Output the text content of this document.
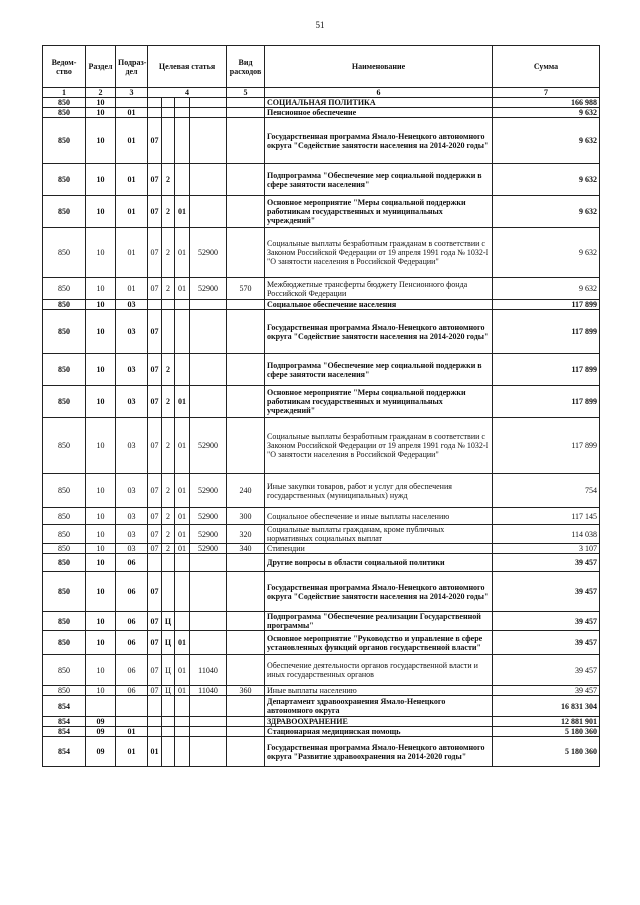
51
Ведом-ство	Раздел	Подраз-дел	Целевая статья				Вид расходов	Наименование	Сумма
1	2	3	4				5	6	7
850	10							СОЦИАЛЬНАЯ ПОЛИТИКА	166 988
850	10	01						Пенсионное обеспечение	9 632
850	10	01	07					Государственная программа Ямало-Ненецкого автономного округа "Содействие занятости населения на 2014-2020 годы"	9 632
850	10	01	07	2				Подпрограмма "Обеспечение мер социальной поддержки в сфере занятости населения"	9 632
850	10	01	07	2	01			Основное мероприятие "Меры социальной поддержки работникам государственных и муниципальных учреждений"	9 632
850	10	01	07	2	01	52900		Социальные выплаты безработным гражданам в соответствии с Законом Российской Федерации от 19 апреля 1991 года № 1032-I "О занятости населения в Российской Федерации"	9 632
850	10	01	07	2	01	52900	570	Межбюджетные трансферты бюджету Пенсионного фонда Российской Федерации	9 632
850	10	03						Социальное обеспечение населения	117 899
850	10	03	07					Государственная программа Ямало-Ненецкого автономного округа "Содействие занятости населения на 2014-2020 годы"	117 899
850	10	03	07	2				Подпрограмма "Обеспечение мер социальной поддержки в сфере занятости населения"	117 899
850	10	03	07	2	01			Основное мероприятие "Меры социальной поддержки работникам государственных и муниципальных учреждений"	117 899
850	10	03	07	2	01	52900		Социальные выплаты безработным гражданам в соответствии с Законом Российской Федерации от 19 апреля 1991 года № 1032-I "О занятости населения в Российской Федерации"	117 899
850	10	03	07	2	01	52900	240	Иные закупки товаров, работ и услуг для обеспечения государственных (муниципальных) нужд	754
850	10	03	07	2	01	52900	300	Социальное обеспечение и иные выплаты населению	117 145
850	10	03	07	2	01	52900	320	Социальные выплаты гражданам, кроме публичных нормативных социальных выплат	114 038
850	10	03	07	2	01	52900	340	Стипендии	3 107
850	10	06						Другие вопросы в области социальной политики	39 457
850	10	06	07					Государственная программа Ямало-Ненецкого автономного округа "Содействие занятости населения на 2014-2020 годы"	39 457
850	10	06	07	Ц				Подпрограмма "Обеспечение реализации Государственной программы"	39 457
850	10	06	07	Ц	01			Основное мероприятие "Руководство и управление в сфере установленных функций органов государственной власти"	39 457
850	10	06	07	Ц	01	11040		Обеспечение деятельности органов государственной власти и иных государственных органов	39 457
850	10	06	07	Ц	01	11040	360	Иные выплаты населению	39 457
854								Департамент здравоохранения Ямало-Ненецкого автономного округа	16 831 304
854	09							ЗДРАВООХРАНЕНИЕ	12 881 901
854	09	01						Стационарная медицинская помощь	5 180 360
854	09	01	01					Государственная программа Ямало-Ненецкого автономного округа "Развитие здравоохранения на 2014-2020 годы"	5 180 360
